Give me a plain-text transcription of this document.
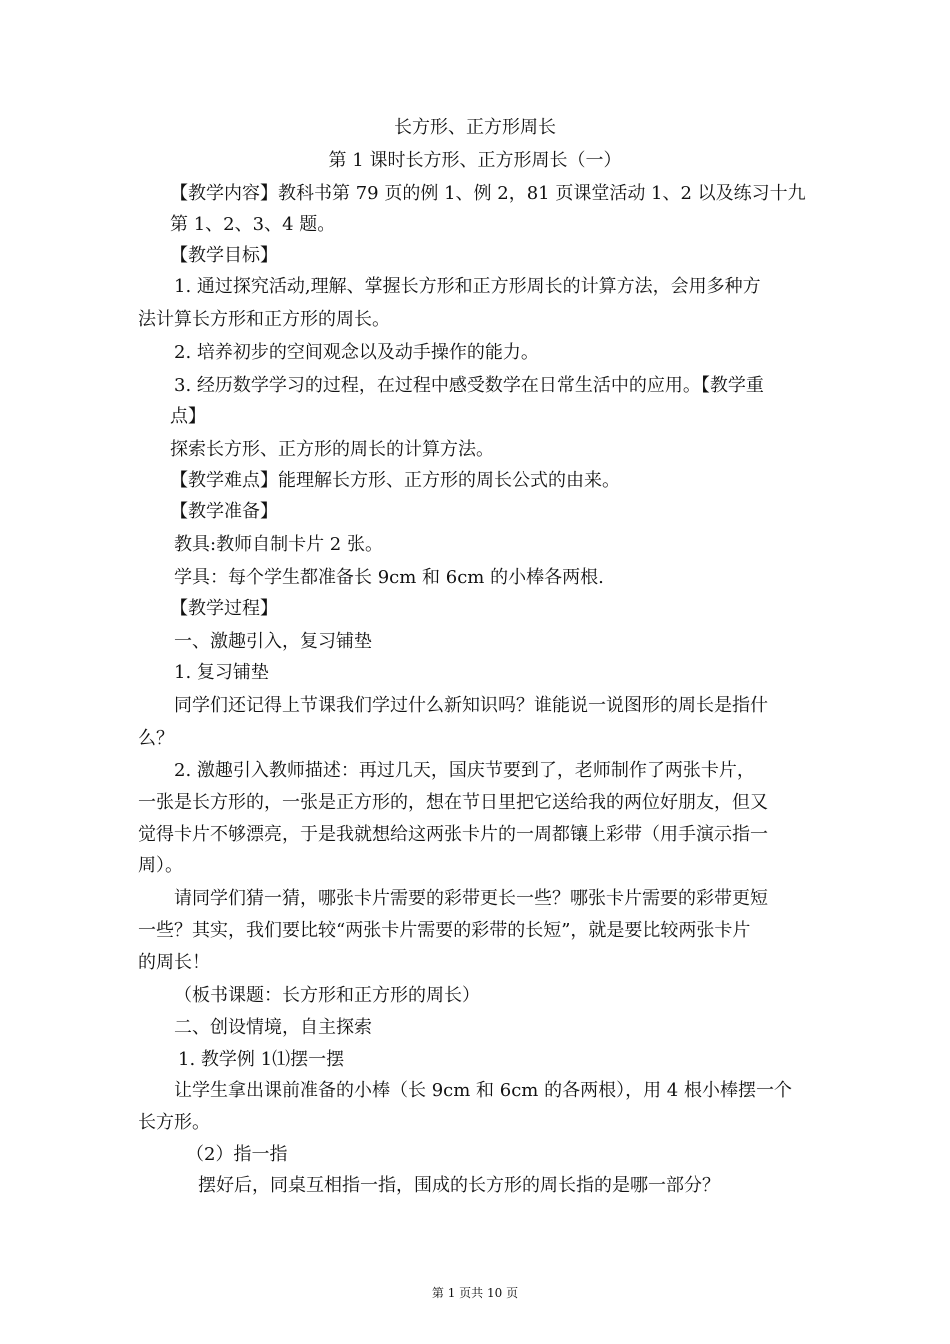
长方形、正方形周长
第 1 课时长方形、正方形周长（一）
【教学内容】教科书第 79 页的例 1、例 2，81 页课堂活动 1、2 以及练习十九
第 1、2、3、4 题。
【教学目标】
1. 通过探究活动,理解、掌握长方形和正方形周长的计算方法，会用多种方
法计算长方形和正方形的周长。
2. 培养初步的空间观念以及动手操作的能力。
3. 经历数学学习的过程，在过程中感受数学在日常生活中的应用。【教学重
点】
探索长方形、正方形的周长的计算方法。
【教学难点】能理解长方形、正方形的周长公式的由来。
【教学准备】
教具:教师自制卡片 2 张。
学具：每个学生都准备长 9cm 和 6cm 的小棒各两根.
【教学过程】
一、激趣引入，复习铺垫
1. 复习铺垫
同学们还记得上节课我们学过什么新知识吗？谁能说一说图形的周长是指什
么？
2. 激趣引入教师描述：再过几天，国庆节要到了，老师制作了两张卡片，
一张是长方形的，一张是正方形的，想在节日里把它送给我的两位好朋友，但又
觉得卡片不够漂亮，于是我就想给这两张卡片的一周都镶上彩带（用手演示指一
周）。
请同学们猜一猜，哪张卡片需要的彩带更长一些？哪张卡片需要的彩带更短
一些？其实，我们要比较“两张卡片需要的彩带的长短”，就是要比较两张卡片
的周长！
（板书课题：长方形和正方形的周长）
二、创设情境，自主探索
1. 教学例 1⑴摆一摆
让学生拿出课前准备的小棒（长 9cm 和 6cm 的各两根），用 4 根小棒摆一个
长方形。
（2）指一指
摆好后，同桌互相指一指，围成的长方形的周长指的是哪一部分？
第 1 页共 10 页
